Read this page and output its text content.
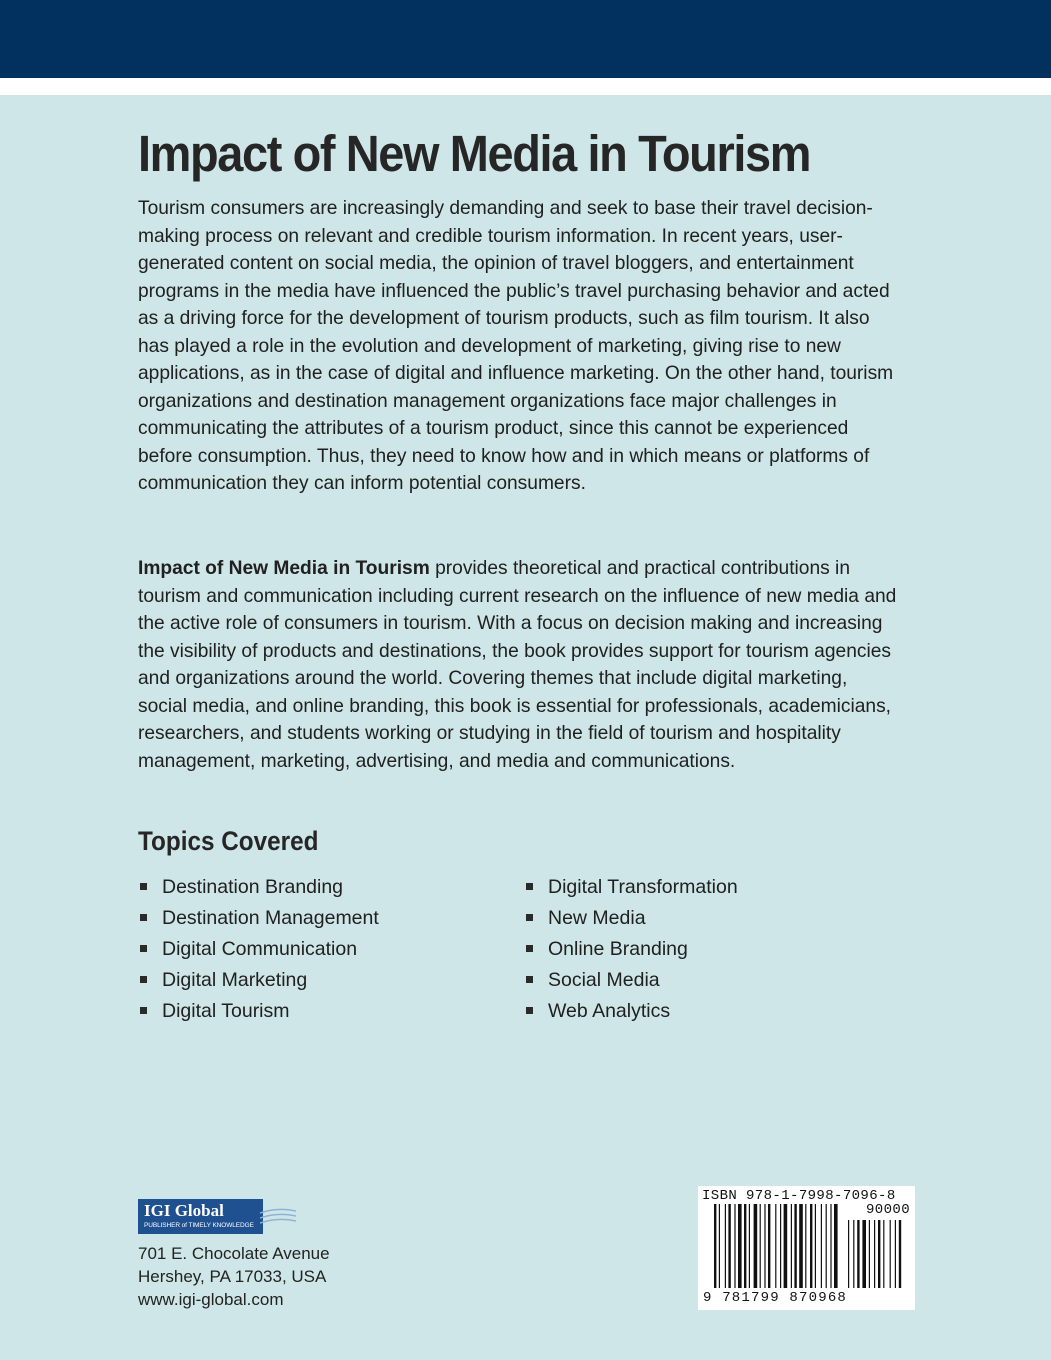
Impact of New Media in Tourism

Tourism consumers are increasingly demanding and seek to base their travel decision-making process on relevant and credible tourism information. In recent years, user-generated content on social media, the opinion of travel bloggers, and entertainment programs in the media have influenced the public’s travel purchasing behavior and acted as a driving force for the development of tourism products, such as film tourism. It also has played a role in the evolution and development of marketing, giving rise to new applications, as in the case of digital and influence marketing. On the other hand, tourism organizations and destination management organizations face major challenges in communicating the attributes of a tourism product, since this cannot be experienced before consumption. Thus, they need to know how and in which means or platforms of communication they can inform potential consumers.

Impact of New Media in Tourism provides theoretical and practical contributions in tourism and communication including current research on the influence of new media and the active role of consumers in tourism. With a focus on decision making and increasing the visibility of products and destinations, the book provides support for tourism agencies and organizations around the world. Covering themes that include digital marketing, social media, and online branding, this book is essential for professionals, academicians, researchers, and students working or studying in the field of tourism and hospitality management, marketing, advertising, and media and communications.

Topics Covered
Destination Branding
Destination Management
Digital Communication
Digital Marketing
Digital Tourism
Digital Transformation
New Media
Online Branding
Social Media
Web Analytics
IGI Global
PUBLISHER of TIMELY KNOWLEDGE
701 E. Chocolate Avenue
Hershey, PA 17033, USA
www.igi-global.com
ISBN 978-1-7998-7096-8
90000
9 781799 870968
